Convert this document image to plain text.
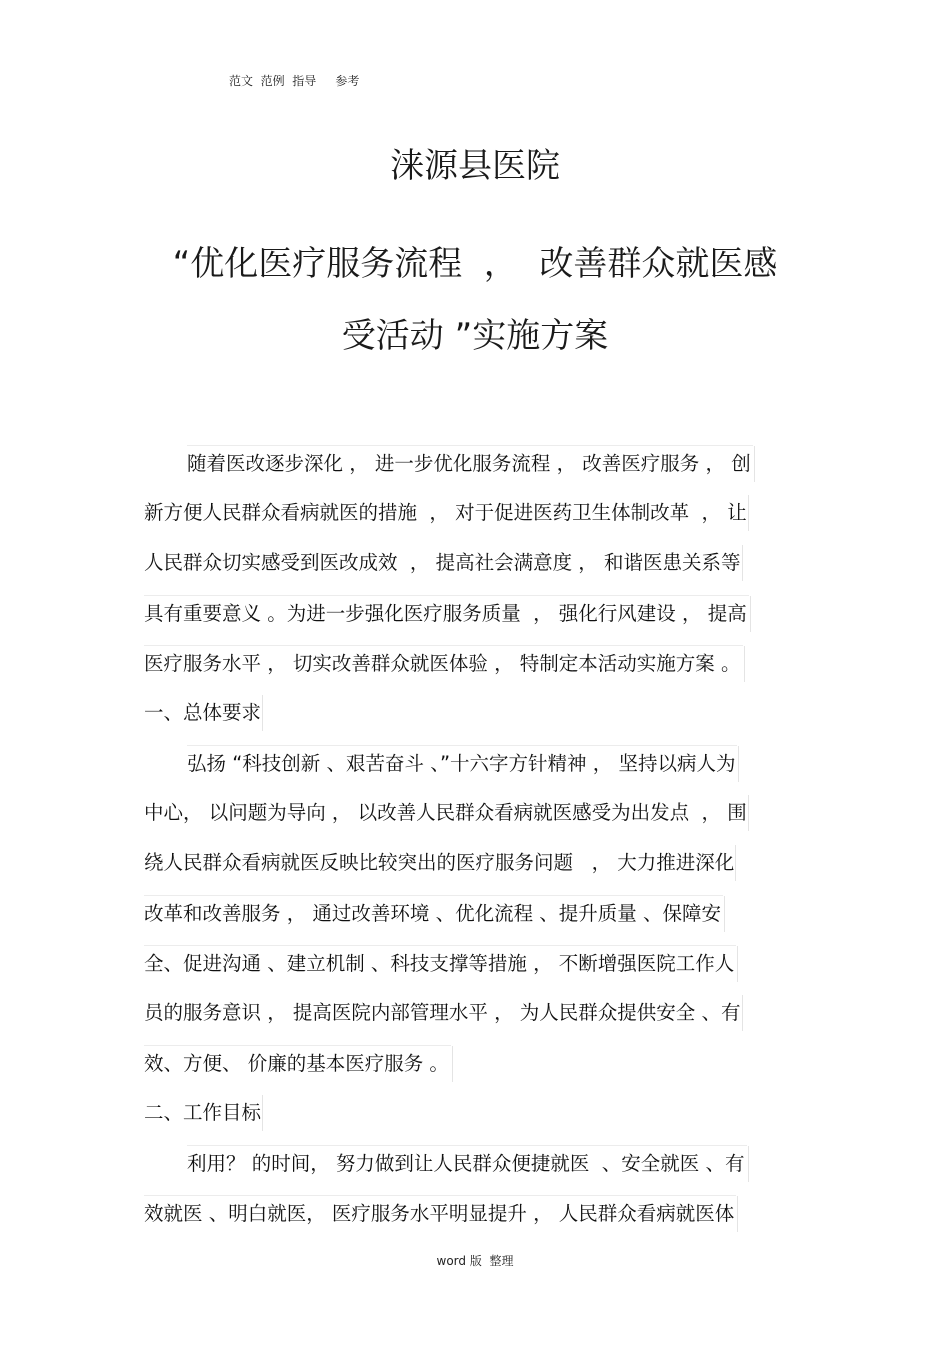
范文  范例  指导     参考
涞源县医院
“优化医疗服务流程  ，  改善群众就医感
受活动 ”实施方案
随着医改逐步深化 ， 进一步优化服务流程 ， 改善医疗服务 ， 创
新方便人民群众看病就医的措施  ， 对于促进医药卫生体制改革  ， 让
人民群众切实感受到医改成效  ， 提高社会满意度 ， 和谐医患关系等
具有重要意义 。为进一步强化医疗服务质量  ， 强化行风建设 ， 提高
医疗服务水平 ， 切实改善群众就医体验 ， 特制定本活动实施方案 。
一、总体要求
弘扬 “科技创新 、艰苦奋斗 、”十六字方针精神 ， 坚持以病人为
中心， 以问题为导向 ， 以改善人民群众看病就医感受为出发点  ， 围
绕人民群众看病就医反映比较突出的医疗服务问题   ， 大力推进深化
改革和改善服务 ， 通过改善环境 、优化流程 、提升质量 、保障安
全、促进沟通 、建立机制 、科技支撑等措施 ， 不断增强医院工作人
员的服务意识 ， 提高医院内部管理水平 ， 为人民群众提供安全 、有
效、方便、 价廉的基本医疗服务 。
二、工作目标
利用？ 的时间， 努力做到让人民群众便捷就医  、安全就医 、有
效就医 、明白就医， 医疗服务水平明显提升 ， 人民群众看病就医体
word 版  整理
